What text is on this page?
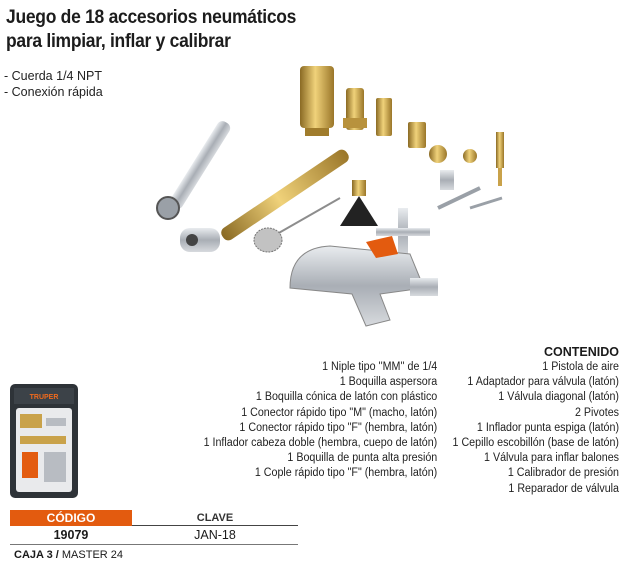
Juego de 18 accesorios neumáticos
para limpiar, inflar y calibrar
- Cuerda 1/4 NPT
- Conexión rápida
CONTENIDO
1 Niple tipo ''MM'' de 1/4
1 Boquilla aspersora
1 Boquilla cónica de latón con plástico
1 Conector rápido tipo "M" (macho, latón)
1 Conector rápido tipo "F" (hembra, latón)
1 Inflador cabeza doble (hembra, cuepo de latón)
1 Boquilla de punta alta presión
1 Cople rápido tipo "F" (hembra, latón)
1 Pistola de aire
1 Adaptador para válvula (latón)
1 Válvula diagonal (latón)
2 Pivotes
1 Inflador punta espiga (latón)
1 Cepillo escobillón (base de latón)
1 Válvula para inflar balones
1 Calibrador de presión
1 Reparador de válvula
TRUPER
CÓDIGO	CLAVE
19079	JAN-18
CAJA 3 / MASTER 24
